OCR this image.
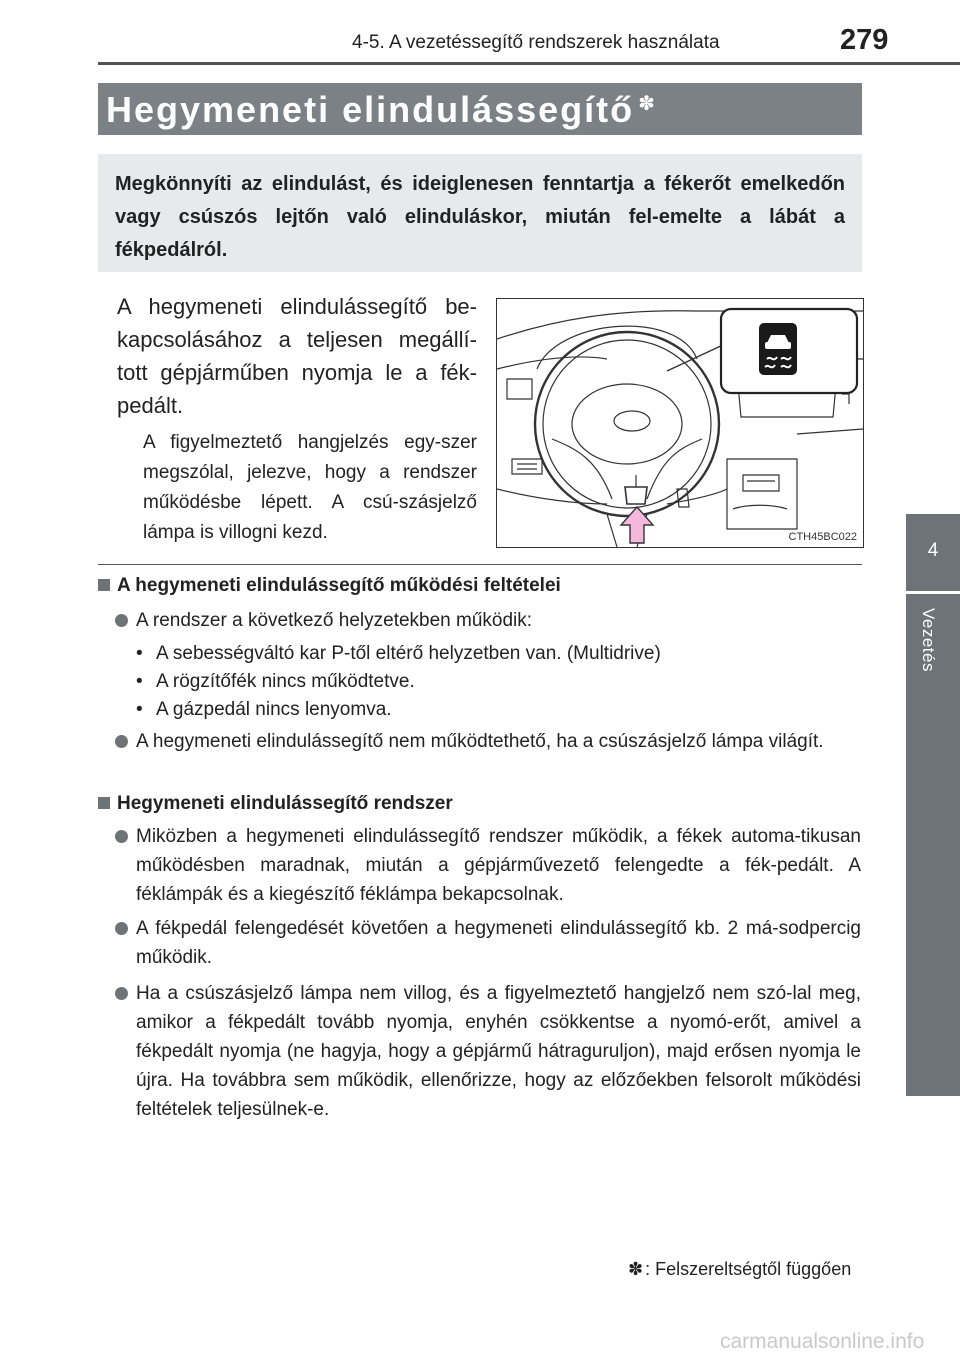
4-5. A vezetéssegítő rendszerek használata	279
Hegymeneti elindulássegítő ✽
Megkönnyíti az elindulást, és ideiglenesen fenntartja a fékerőt emelkedőn vagy csúszós lejtőn való elinduláskor, miután fel-emelte a lábát a fékpedálról.
A hegymeneti elindulássegítő be-kapcsolásához a teljesen megállí-tott gépjárműben nyomja le a fék-pedált.
A figyelmeztető hangjelzés egy-szer megszólal, jelezve, hogy a rendszer működésbe lépett. A csú-szásjelző lámpa is villogni kezd.	CTH45BC022
A hegymeneti elindulássegítő működési feltételei
A rendszer a következő helyzetekben működik:
• A sebességváltó kar P-től eltérő helyzetben van. (Multidrive)
• A rögzítőfék nincs működtetve.
• A gázpedál nincs lenyomva.
A hegymeneti elindulássegítő nem működtethető, ha a csúszásjelző lámpa világít.
Hegymeneti elindulássegítő rendszer
Miközben a hegymeneti elindulássegítő rendszer működik, a fékek automa-tikusan működésben maradnak, miután a gépjárművezető felengedte a fék-pedált. A féklámpák és a kiegészítő féklámpa bekapcsolnak.
A fékpedál felengedését követően a hegymeneti elindulássegítő kb. 2 má-sodpercig működik.
Ha a csúszásjelző lámpa nem villog, és a figyelmeztető hangjelző nem szó-lal meg, amikor a fékpedált tovább nyomja, enyhén csökkentse a nyomó-erőt, amivel a fékpedált nyomja (ne hagyja, hogy a gépjármű hátraguruljon), majd erősen nyomja le újra. Ha továbbra sem működik, ellenőrizze, hogy az előzőekben felsorolt működési feltételek teljesülnek-e.
4
Vezetés
✽ : Felszereltségtől függően
carmanualsonline.info
